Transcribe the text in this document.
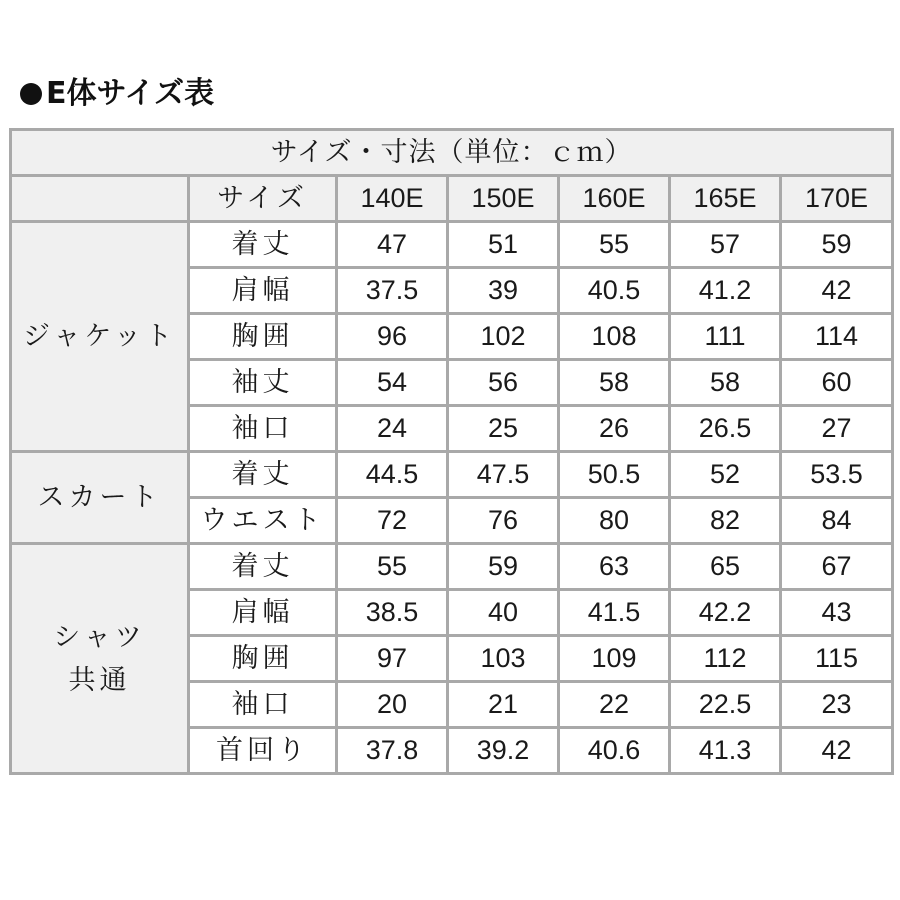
E体サイズ表
サイズ・寸法（単位：ｃｍ）						
	サイズ	140E	150E	160E	165E	170E

ジャケット	着丈	47	51	55	57	59
	肩幅	37.5	39	40.5	41.2	42
	胸囲	96	102	108	111	114
	袖丈	54	56	58	58	60
	袖口	24	25	26	26.5	27

スカート	着丈	44.5	47.5	50.5	52	53.5
	ウエスト	72	76	80	82	84

シャツ
共通	着丈	55	59	63	65	67
	肩幅	38.5	40	41.5	42.2	43
	胸囲	97	103	109	112	115
	袖口	20	21	22	22.5	23
	首回り	37.8	39.2	40.6	41.3	42
